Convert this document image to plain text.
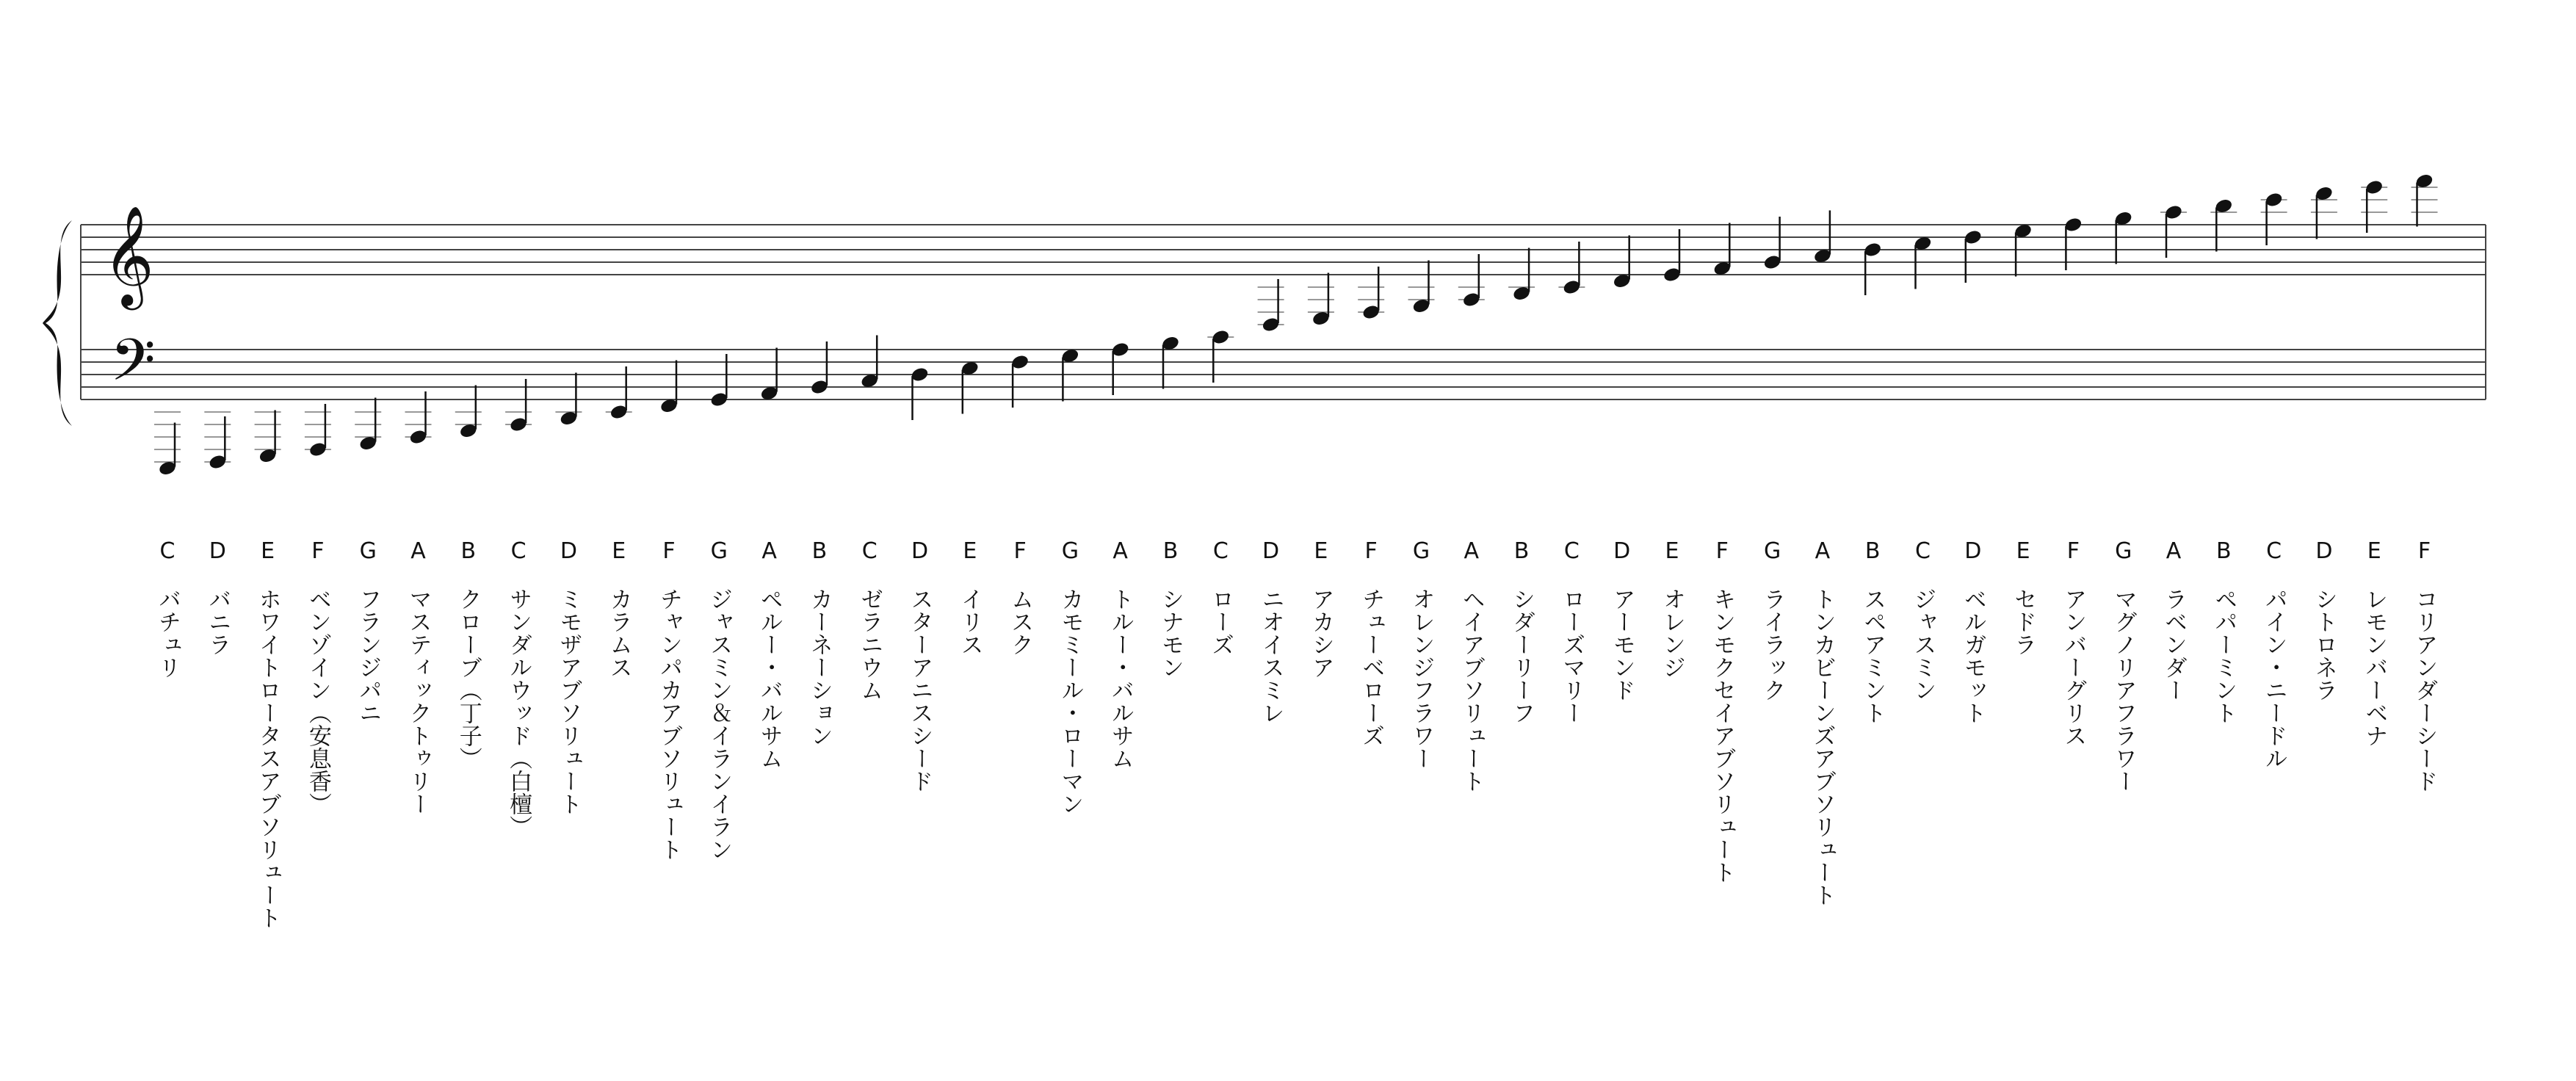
𝄞
𝄢
C
バチュリ
D
バニラ
E
ホワイトロータスアブソリュート
F
ベンゾイン（安息香）
G
フランジパニ
A
マスティックトゥリー
B
クローブ（丁子）
C
サンダルウッド（白檀）
D
ミモザアブソリュート
E
カラムス
F
チャンパカアブソリュート
G
ジャスミン＆イランイラン
A
ペルー・バルサム
B
カーネーション
C
ゼラニウム
D
スターアニスシード
E
イリス
F
ムスク
G
カモミール・ローマン
A
トルー・バルサム
B
シナモン
C
ローズ
D
ニオイスミレ
E
アカシア
F
チューベローズ
G
オレンジフラワー
A
ヘイアブソリュート
B
シダーリーフ
C
ローズマリー
D
アーモンド
E
オレンジ
F
キンモクセイアブソリュート
G
ライラック
A
トンカビーンズアブソリュート
B
スペアミント
C
ジャスミン
D
ベルガモット
E
セドラ
F
アンバーグリス
G
マグノリアフラワー
A
ラベンダー
B
ペパーミント
C
パイン・ニードル
D
シトロネラ
E
レモンバーベナ
F
コリアンダーシード
